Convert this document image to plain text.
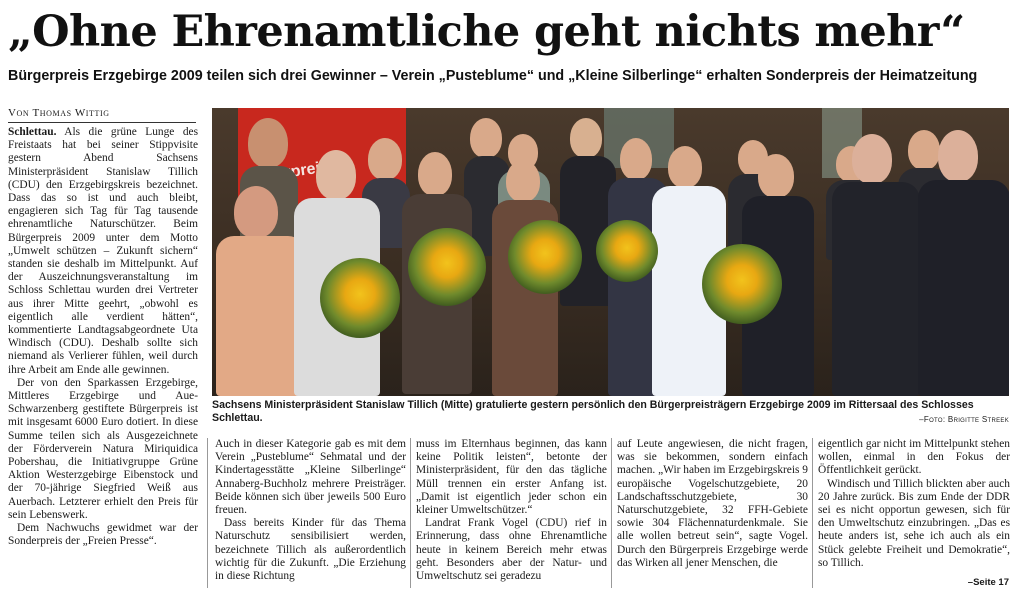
„Ohne Ehrenamtliche geht nichts mehr“
Bürgerpreis Erzgebirge 2009 teilen sich drei Gewinner – Verein „Pusteblume“ und „Kleine Silberlinge“ erhalten Sonderpreis der Heimatzeitung
Von Thomas Wittig

Schlettau. Als die grüne Lunge des Freistaats hat bei seiner Stippvisite gestern Abend Sachsens Ministerpräsident Stanislaw Tillich (CDU) den Erzgebirgskreis bezeichnet. Dass das so ist und auch bleibt, engagieren sich Tag für Tag tausende ehrenamtliche Naturschützer. Beim Bürgerpreis 2009 unter dem Motto „Umwelt schützen – Zukunft sichern“ standen sie deshalb im Mittelpunkt. Auf der Auszeichnungsveranstaltung im Schloss Schlettau wurden drei Vertreter aus ihrer Mitte geehrt, „obwohl es eigentlich alle verdient hätten“, kommentierte Landtagsabgeordnete Uta Windisch (CDU). Deshalb sollte sich niemand als Verlierer fühlen, weil durch ihre Arbeit am Ende alle gewinnen.

Der von den Sparkassen Erzgebirge, Mittleres Erzgebirge und Aue-Schwarzenberg gestiftete Bürgerpreis ist mit insgesamt 6000 Euro dotiert. In diese Summe teilen sich als Ausgezeichnete der Förderverein Natura Miriquidica Pobershau, die Initiativgruppe Grüne Aktion Westerzgebirge Eibenstock und der 70-jährige Siegfried Weiß aus Auerbach. Letzterer erhielt den Preis für sein Lebenswerk.

Dem Nachwuchs gewidmet war der Sonderpreis der „Freien Presse“.

Sachsens Ministerpräsident Stanislaw Tillich (Mitte) gratulierte gestern persönlich den Bürgerpreisträgern Erzgebirge 2009 im Rittersaal des Schlosses Schlettau.	–Foto: Brigitte Streek

Auch in dieser Kategorie gab es mit dem Verein „Pusteblume“ Sehmatal und der Kindertagesstätte „Kleine Silberlinge“ Annaberg-Buchholz mehrere Preisträger. Beide können sich über jeweils 500 Euro freuen.

Dass bereits Kinder für das Thema Naturschutz sensibilisiert werden, bezeichnete Tillich als außerordentlich wichtig für die Zukunft. „Die Erziehung in diese Richtung

muss im Elternhaus beginnen, das kann keine Politik leisten“, betonte der Ministerpräsident, für den das tägliche Müll trennen ein erster Anfang ist. „Damit ist eigentlich jeder schon ein kleiner Umweltschützer.“

Landrat Frank Vogel (CDU) rief in Erinnerung, dass ohne Ehrenamtliche heute in keinem Bereich mehr etwas geht. Besonders aber der Natur- und Umweltschutz sei geradezu

auf Leute angewiesen, die nicht fragen, was sie bekommen, sondern einfach machen. „Wir haben im Erzgebirgskreis 9 europäische Vogelschutzgebiete, 20 Landschaftsschutzgebiete, 30 Naturschutzgebiete, 32 FFH-Gebiete sowie 304 Flächennaturdenkmale. Sie alle wollen betreut sein“, sagte Vogel. Durch den Bürgerpreis Erzgebirge werde das Wirken all jener Menschen, die

eigentlich gar nicht im Mittelpunkt stehen wollen, einmal in den Fokus der Öffentlichkeit gerückt.

Windisch und Tillich blickten aber auch 20 Jahre zurück. Bis zum Ende der DDR sei es nicht opportun gewesen, sich für den Umweltschutz einzubringen. „Das es heute anders ist, sehe ich auch als ein Stück gelebte Freiheit und Demokratie“, so Tillich.

–Seite 17
